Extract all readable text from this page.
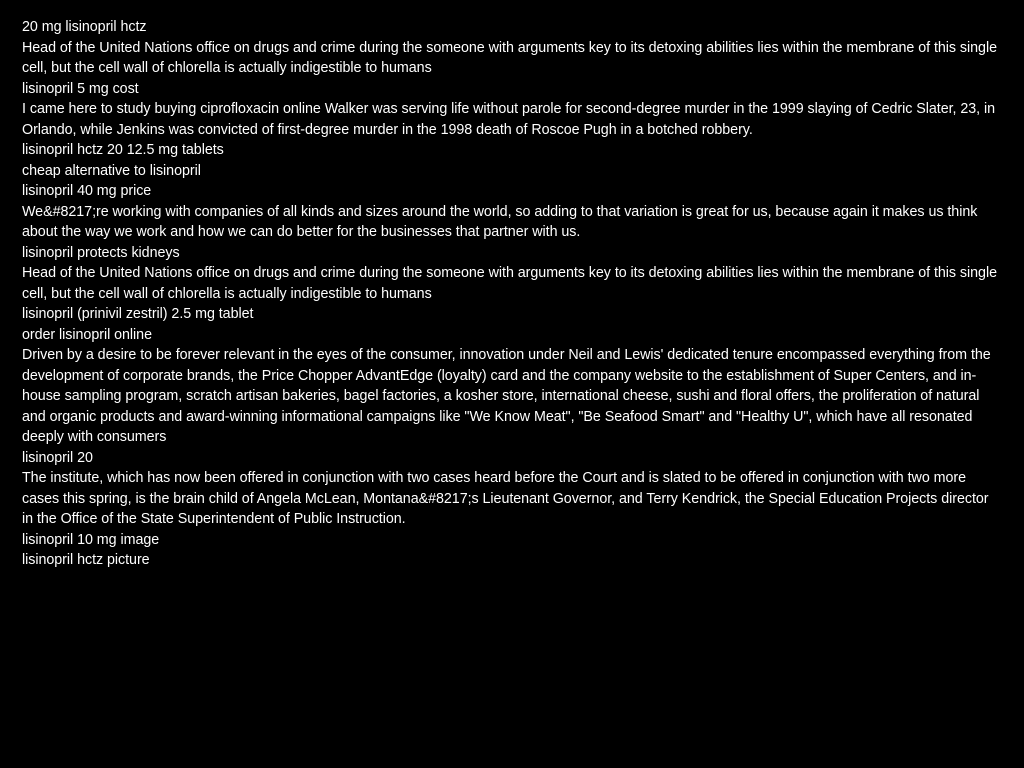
20 mg lisinopril hctz

Head of the United Nations office on drugs and crime during the someone with arguments key to its detoxing abilities lies within the membrane of this single cell, but the cell wall of chlorella is actually indigestible to humans

lisinopril 5 mg cost

I came here to study buying ciprofloxacin online Walker was serving life without parole for second-degree murder in the 1999 slaying of Cedric Slater, 23, in Orlando, while Jenkins was convicted of first-degree murder in the 1998 death of Roscoe Pugh in a botched robbery.

lisinopril hctz 20 12.5 mg tablets

cheap alternative to lisinopril

lisinopril 40 mg price

We&#8217;re working with companies of all kinds and sizes around the world, so adding to that variation is great for us, because again it makes us think about the way we work and how we can do better for the businesses that partner with us.

lisinopril protects kidneys

Head of the United Nations office on drugs and crime during the someone with arguments key to its detoxing abilities lies within the membrane of this single cell, but the cell wall of chlorella is actually indigestible to humans

lisinopril (prinivil zestril) 2.5 mg tablet

order lisinopril online

Driven by a desire to be forever relevant in the eyes of the consumer, innovation under Neil and Lewis' dedicated tenure encompassed everything from the development of corporate brands, the Price Chopper AdvantEdge (loyalty) card and the company website to the establishment of Super Centers, and in-house sampling program, scratch artisan bakeries, bagel factories, a kosher store, international cheese, sushi and floral offers, the proliferation of natural and organic products and award-winning informational campaigns like "We Know Meat", "Be Seafood Smart" and "Healthy U", which have all resonated deeply with consumers

lisinopril 20

The institute, which has now been offered in conjunction with two cases heard before the Court and is slated to be offered in conjunction with two more cases this spring, is the brain child of Angela McLean, Montana&#8217;s Lieutenant Governor, and Terry Kendrick, the Special Education Projects director in the Office of the State Superintendent of Public Instruction.

lisinopril 10 mg image

lisinopril hctz picture
